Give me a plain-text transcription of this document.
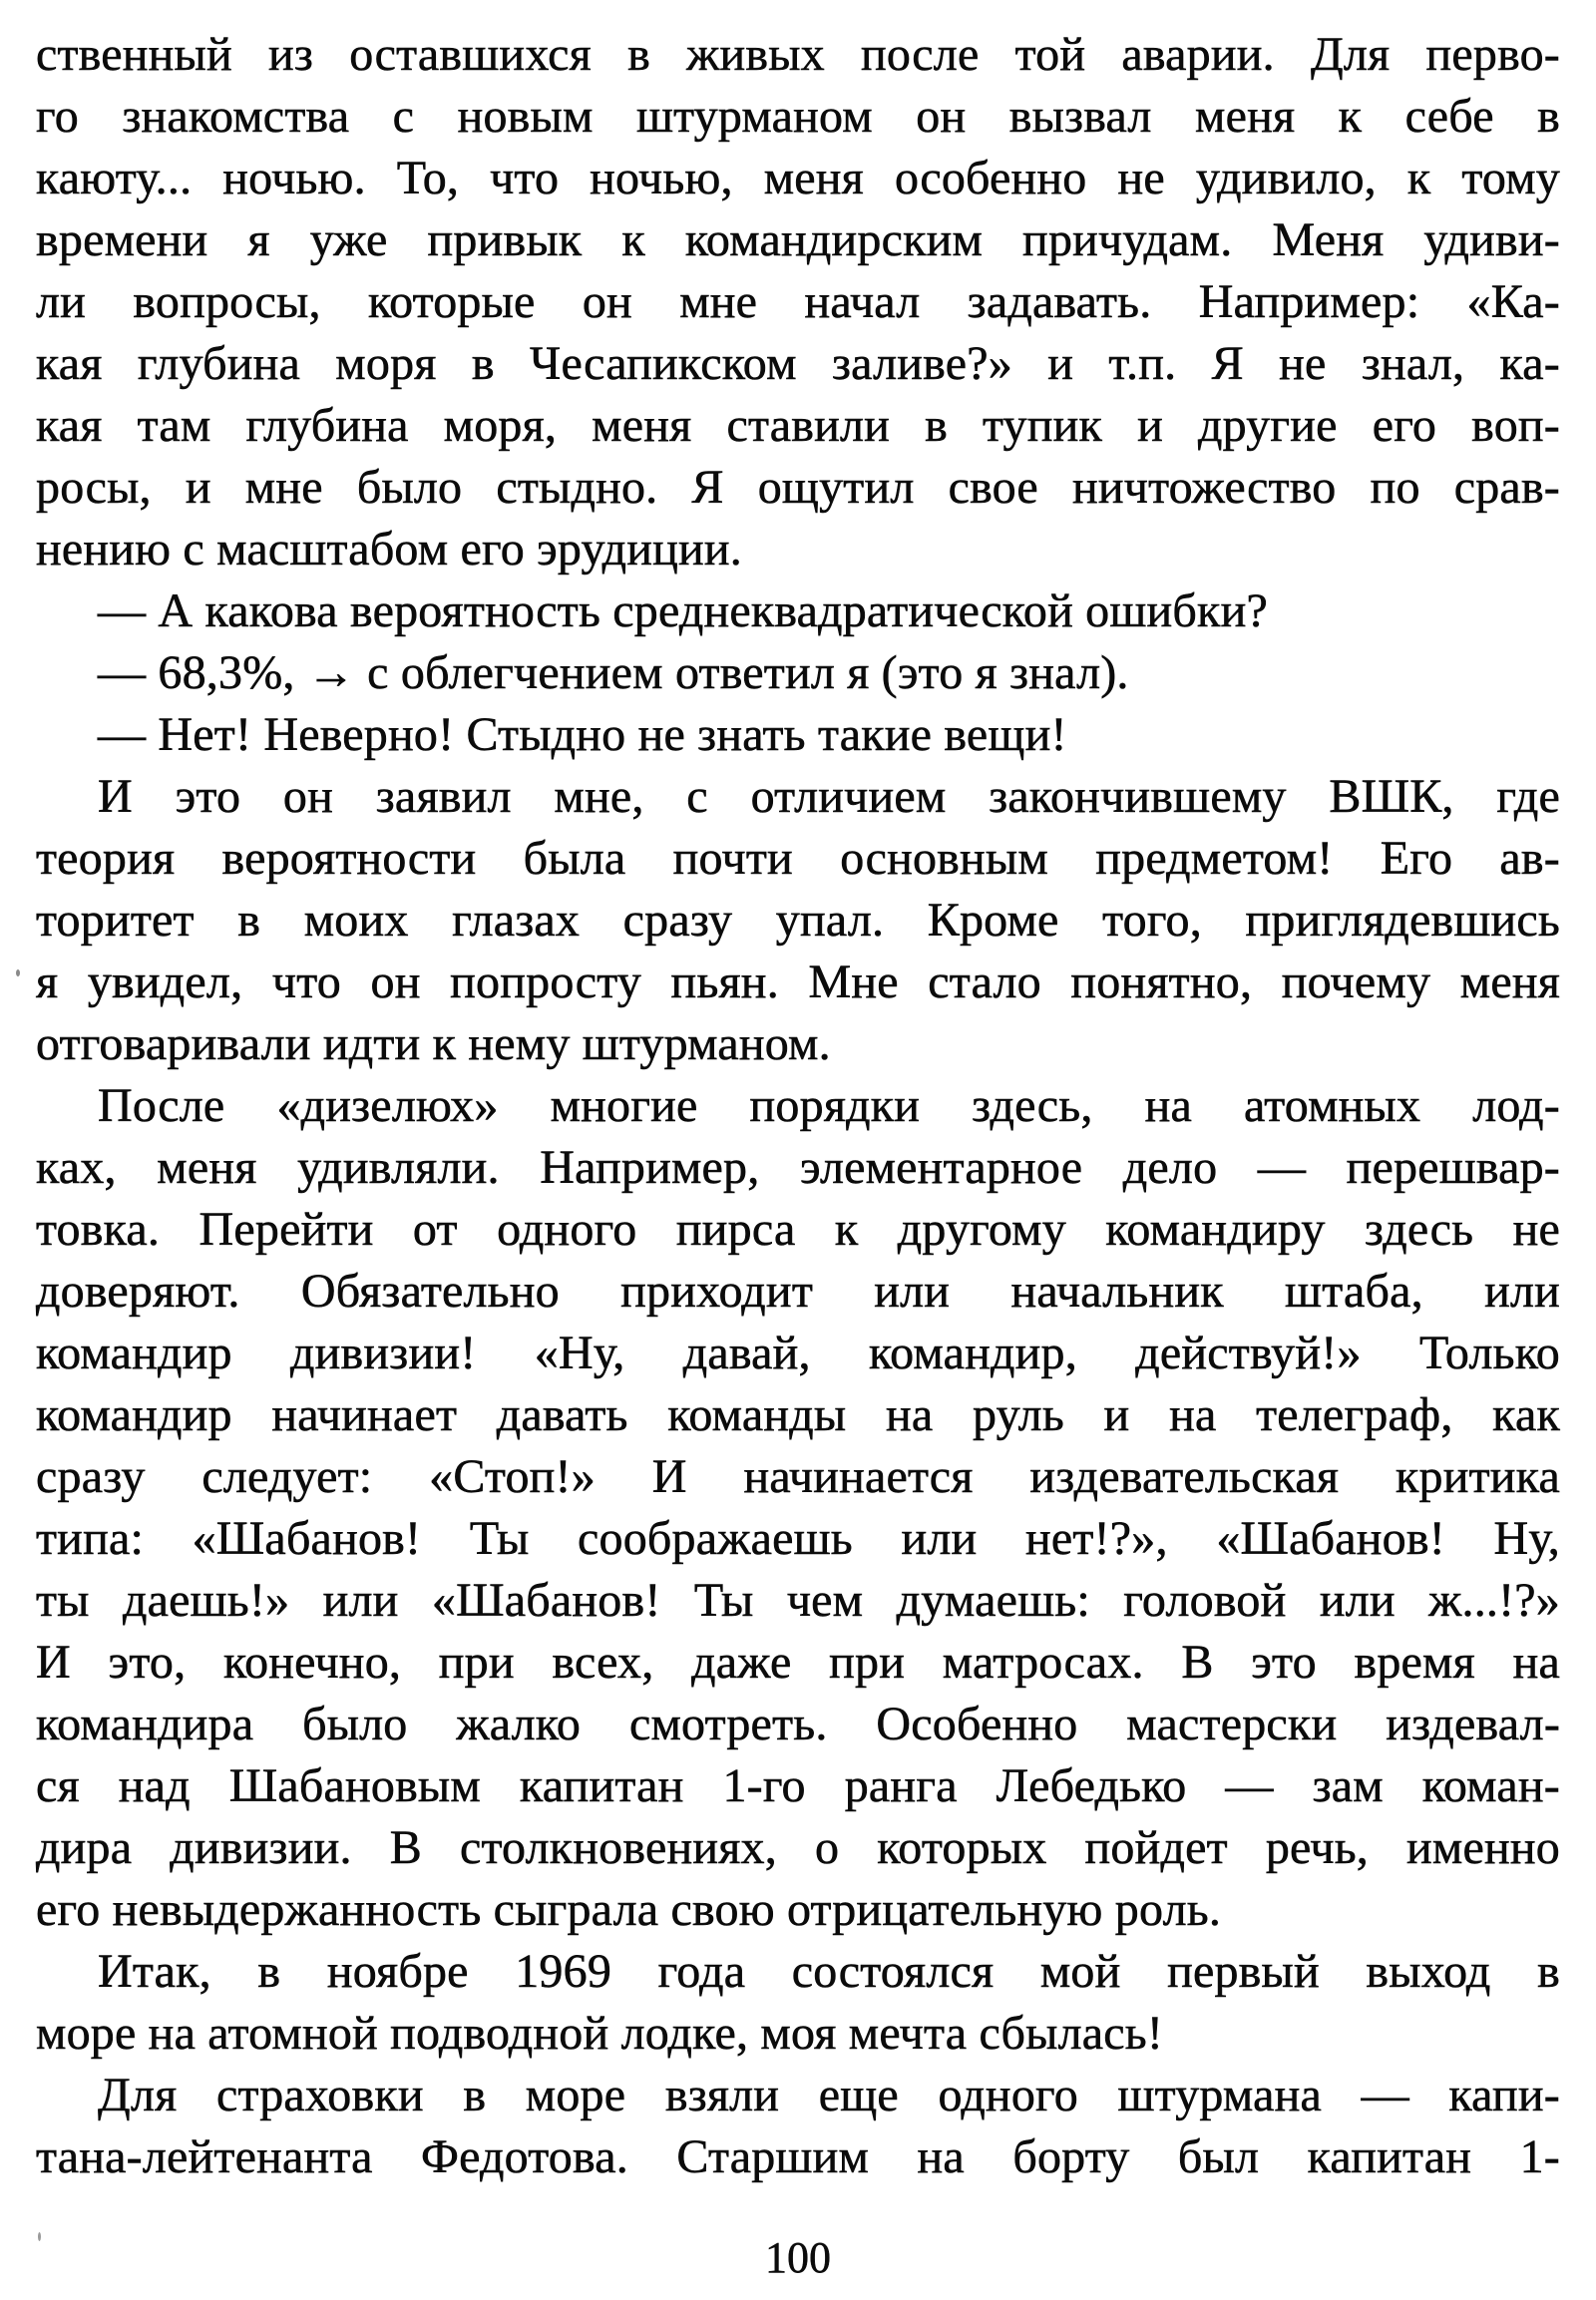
ственный из оставшихся в живых после той аварии. Для перво-
го знакомства с новым штурманом он вызвал меня к себе в
каюту... ночью. То, что ночью, меня особенно не удивило, к тому
времени я уже привык к командирским причудам. Меня удиви-
ли вопросы, которые он мне начал задавать. Например: «Ка-
кая глубина моря в Чесапикском заливе?» и т.п. Я не знал, ка-
кая там глубина моря, меня ставили в тупик и другие его воп-
росы, и мне было стыдно. Я ощутил свое ничтожество по срав-
нению с масштабом его эрудиции.
— А какова вероятность среднеквадратической ошибки?
— 68,3%, → с облегчением ответил я (это я знал).
— Нет! Неверно! Стыдно не знать такие вещи!
И это он заявил мне, с отличием закончившему ВШК, где
теория вероятности была почти основным предметом! Его ав-
торитет в моих глазах сразу упал. Кроме того, приглядевшись
я увидел, что он попросту пьян. Мне стало понятно, почему меня
отговаривали идти к нему штурманом.
После «дизелюх» многие порядки здесь, на атомных лод-
ках, меня удивляли. Например, элементарное дело — перешвар-
товка. Перейти от одного пирса к другому командиру здесь не
доверяют. Обязательно приходит или начальник штаба, или
командир дивизии! «Ну, давай, командир, действуй!» Только
командир начинает давать команды на руль и на телеграф, как
сразу следует: «Стоп!» И начинается издевательская критика
типа: «Шабанов! Ты соображаешь или нет!?», «Шабанов! Ну,
ты даешь!» или «Шабанов! Ты чем думаешь: головой или ж...!?»
И это, конечно, при всех, даже при матросах. В это время на
командира было жалко смотреть. Особенно мастерски издевал-
ся над Шабановым капитан 1-го ранга Лебедько — зам коман-
дира дивизии. В столкновениях, о которых пойдет речь, именно
его невыдержанность сыграла свою отрицательную роль.
Итак, в ноябре 1969 года состоялся мой первый выход в
море на атомной подводной лодке, моя мечта сбылась!
Для страховки в море взяли еще одного штурмана — капи-
тана-лейтенанта Федотова. Старшим на борту был капитан 1-
100
